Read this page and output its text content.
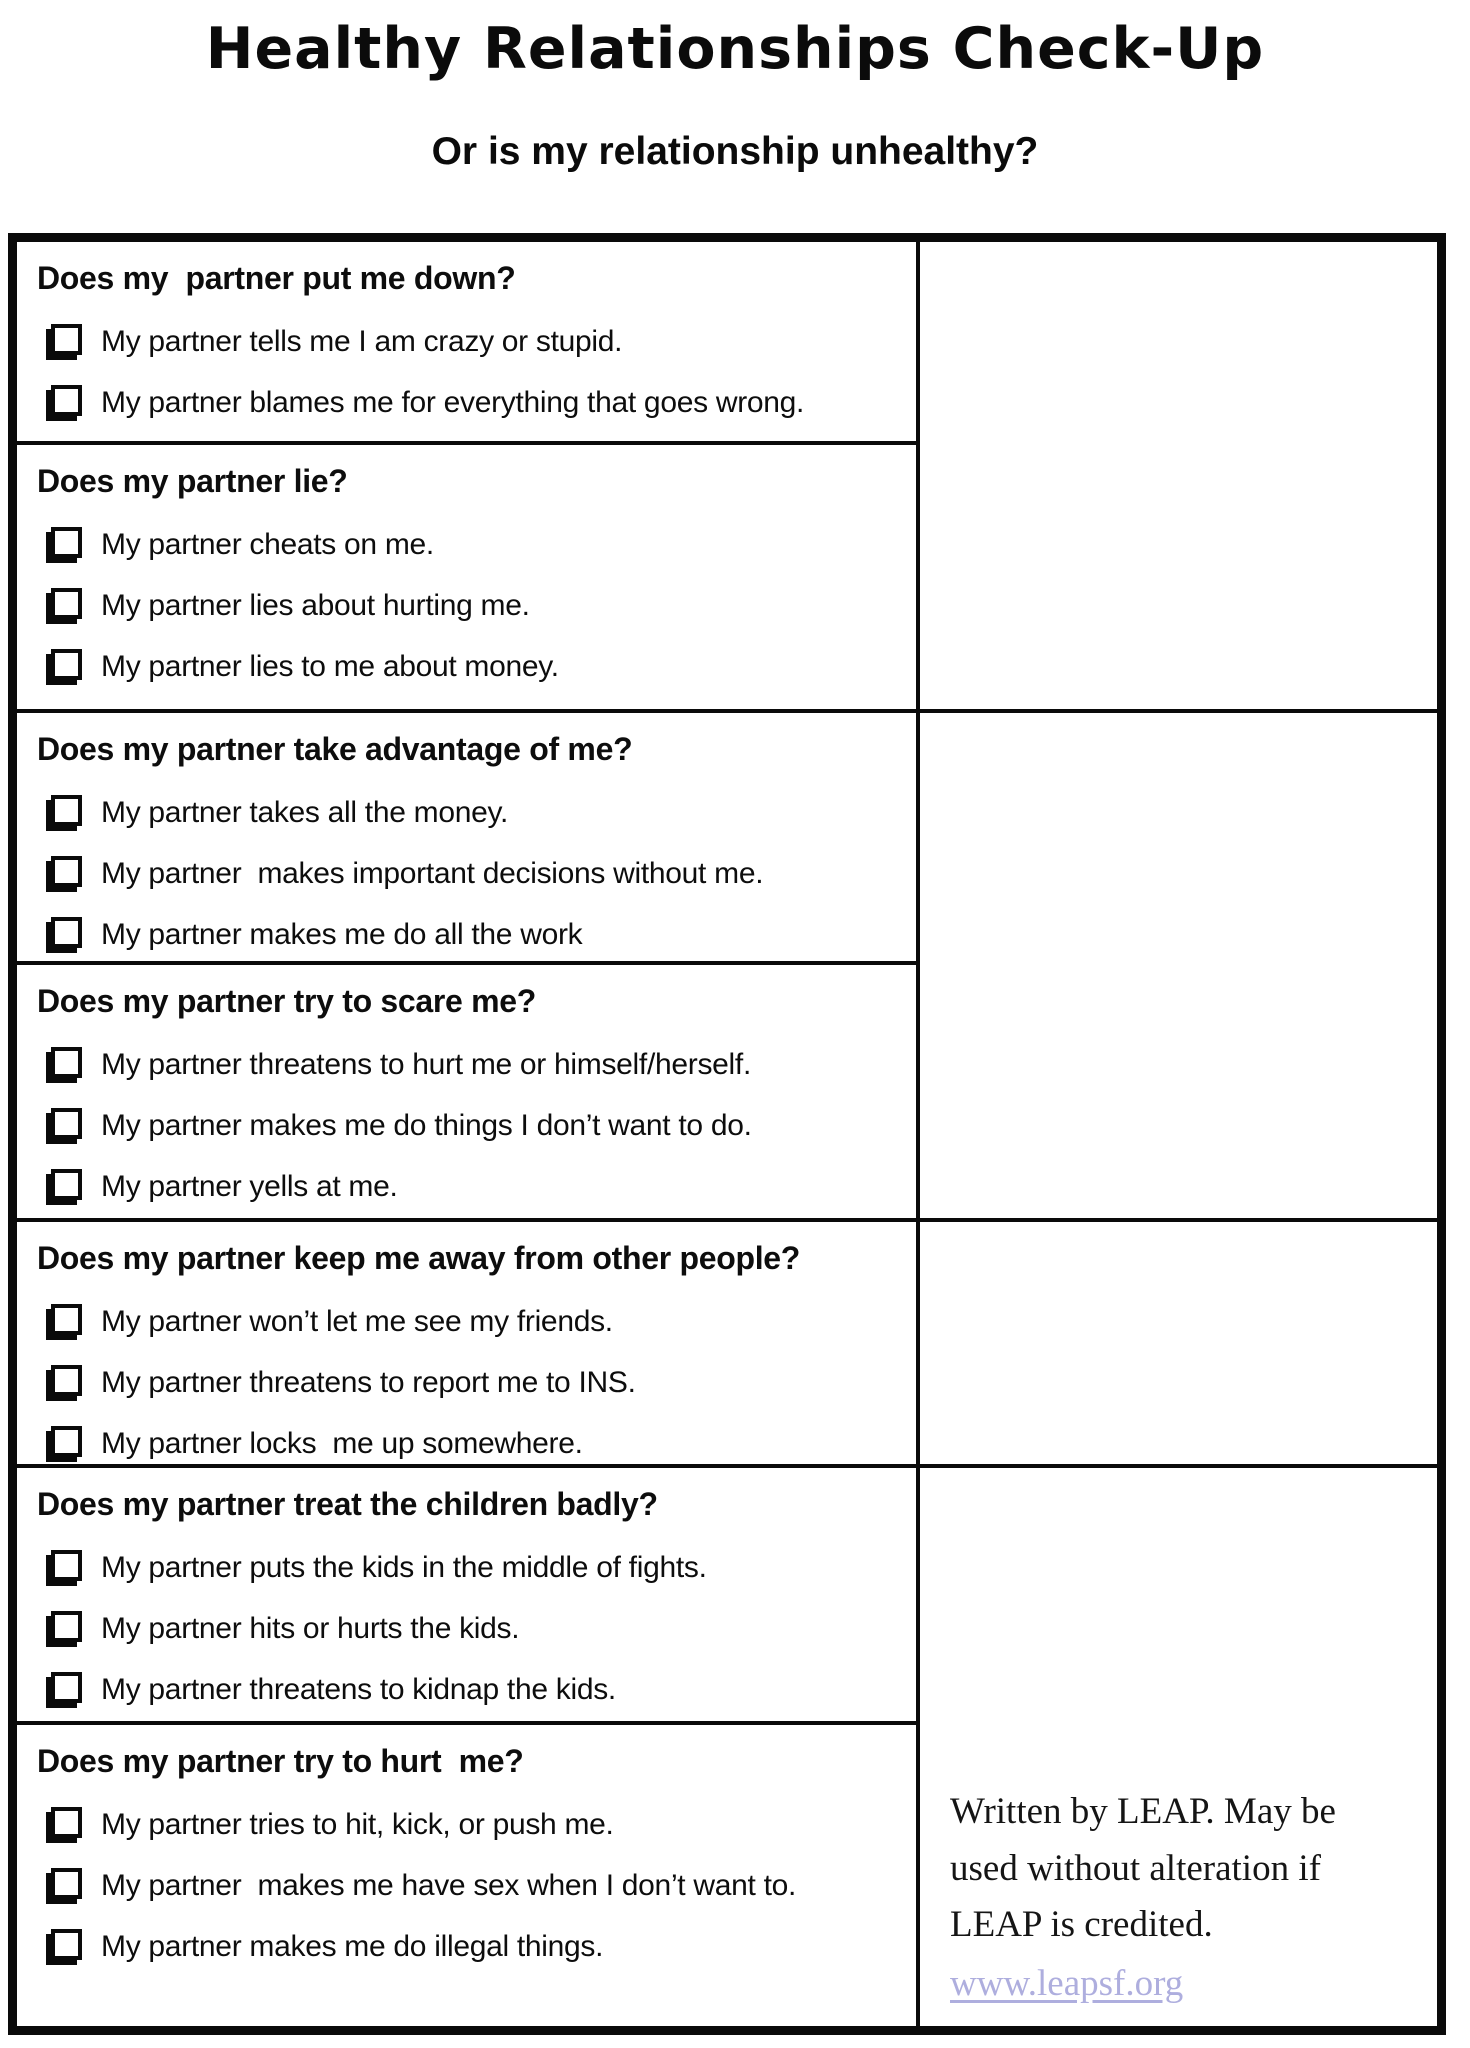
Healthy Relationships Check-Up
Or is my relationship unhealthy?
Does my  partner put me down?
My partner tells me I am crazy or stupid.
My partner blames me for everything that goes wrong.
Does my partner lie?
My partner cheats on me.
My partner lies about hurting me.
My partner lies to me about money.
Does my partner take advantage of me?
My partner takes all the money.
My partner  makes important decisions without me.
My partner makes me do all the work
Does my partner try to scare me?
My partner threatens to hurt me or himself/herself.
My partner makes me do things I don’t want to do.
My partner yells at me.
Does my partner keep me away from other people?
My partner won’t let me see my friends.
My partner threatens to report me to INS.
My partner locks  me up somewhere.
Does my partner treat the children badly?
My partner puts the kids in the middle of fights.
My partner hits or hurts the kids.
My partner threatens to kidnap the kids.
Does my partner try to hurt  me?
My partner tries to hit, kick, or push me.
My partner  makes me have sex when I don’t want to.
My partner makes me do illegal things.
Written by LEAP. May be
used without alteration if
LEAP is credited.
www.leapsf.org
